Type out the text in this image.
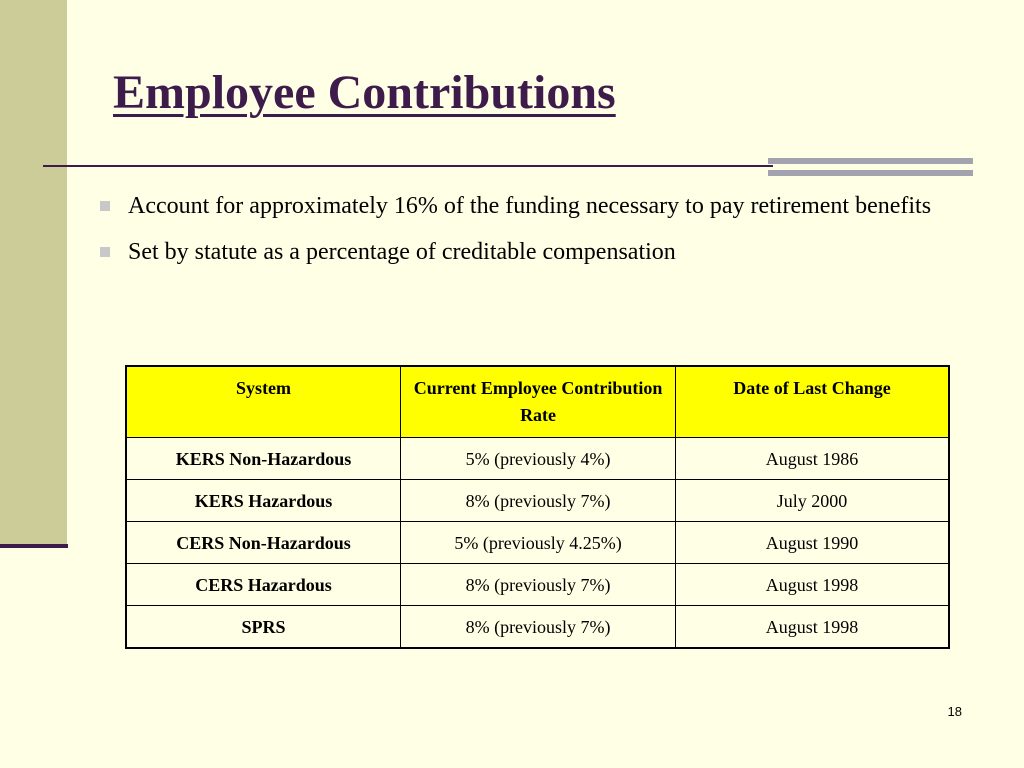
Employee Contributions
Account for approximately 16% of the funding necessary to pay retirement benefits
Set by statute as a percentage of creditable compensation
System	Current Employee Contribution Rate	Date of Last Change
KERS Non-Hazardous	5% (previously 4%)	August 1986
KERS Hazardous	8% (previously 7%)	July 2000
CERS Non-Hazardous	5% (previously 4.25%)	August 1990
CERS Hazardous	8% (previously 7%)	August 1998
SPRS	8% (previously 7%)	August 1998
18
